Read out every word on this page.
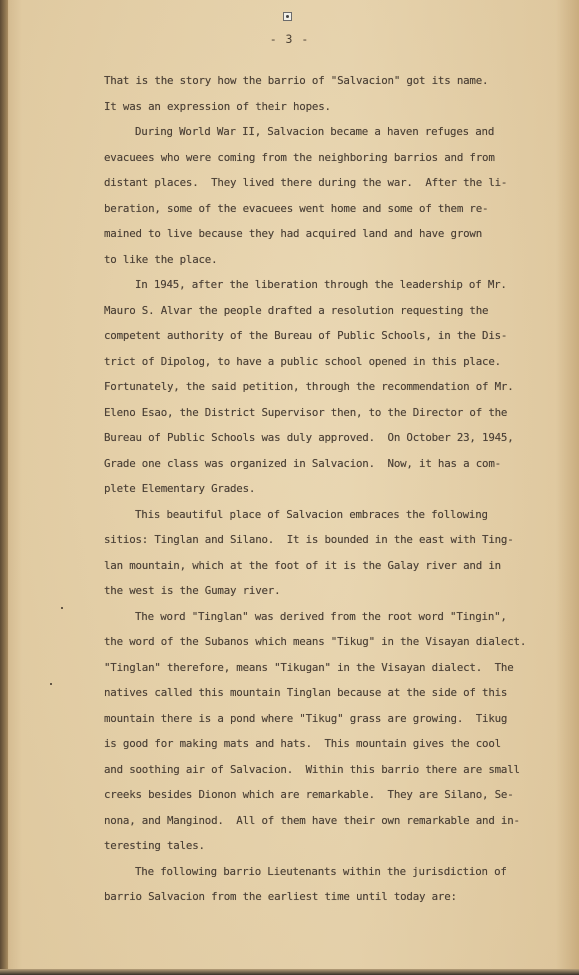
- 3 -
That is the story how the barrio of "Salvacion" got its name.
It was an expression of their hopes.
During World War II, Salvacion became a haven refuges and
evacuees who were coming from the neighboring barrios and from
distant places.  They lived there during the war.  After the li-
beration, some of the evacuees went home and some of them re-
mained to live because they had acquired land and have grown
to like the place.
In 1945, after the liberation through the leadership of Mr.
Mauro S. Alvar the people drafted a resolution requesting the
competent authority of the Bureau of Public Schools, in the Dis-
trict of Dipolog, to have a public school opened in this place.
Fortunately, the said petition, through the recommendation of Mr.
Eleno Esao, the District Supervisor then, to the Director of the
Bureau of Public Schools was duly approved.  On October 23, 1945,
Grade one class was organized in Salvacion.  Now, it has a com-
plete Elementary Grades.
This beautiful place of Salvacion embraces the following
sitios: Tinglan and Silano.  It is bounded in the east with Ting-
lan mountain, which at the foot of it is the Galay river and in
the west is the Gumay river.
The word "Tinglan" was derived from the root word "Tingin",
the word of the Subanos which means "Tikug" in the Visayan dialect.
"Tinglan" therefore, means "Tikugan" in the Visayan dialect.  The
natives called this mountain Tinglan because at the side of this
mountain there is a pond where "Tikug" grass are growing.  Tikug
is good for making mats and hats.  This mountain gives the cool
and soothing air of Salvacion.  Within this barrio there are small
creeks besides Dionon which are remarkable.  They are Silano, Se-
nona, and Manginod.  All of them have their own remarkable and in-
teresting tales.
The following barrio Lieutenants within the jurisdiction of
barrio Salvacion from the earliest time until today are:
